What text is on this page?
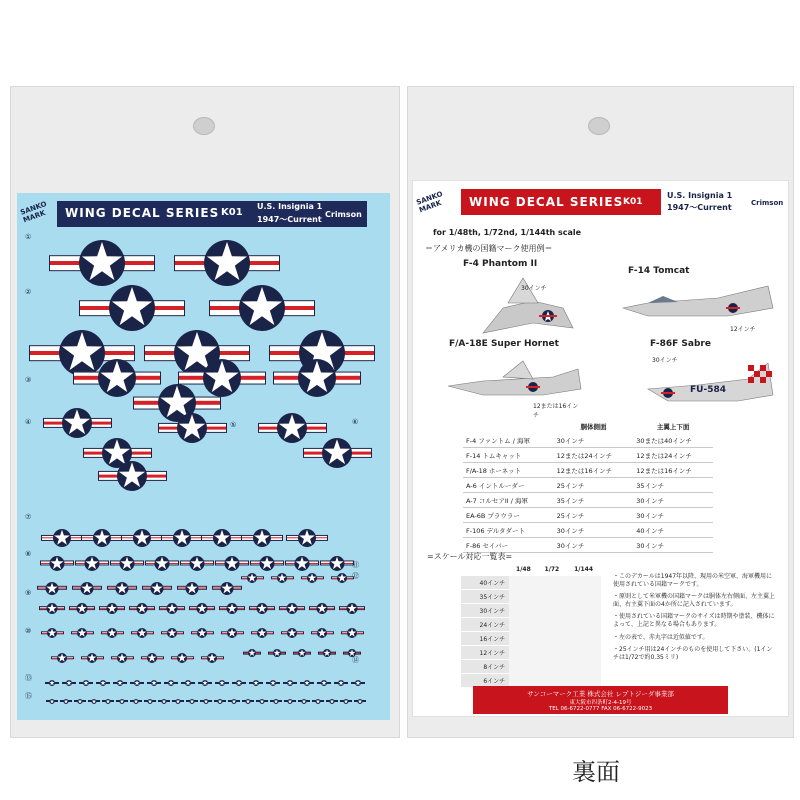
SANKO MARK	WING DECAL SERIES K01
U.S. Insignia 1
1947〜Current
Crimson
①
②
③
④	⑤	⑥
⑦
⑧
⑨
⑩
⑪
⑫
⑬
⑭
⑮
SANKO MARK	WING DECAL SERIES K01
U.S. Insignia 1
1947〜Current	Crimson
for 1/48th, 1/72nd, 1/144th scale
＝アメリカ機の国籍マーク使用例＝
F-4 Phantom II
30インチ
F-14 Tomcat
12インチ
F/A-18E Super Hornet
12または16インチ
F-86F Sabre
30インチ
FU-584
	胴体側面	主翼上下面
F-4 ファントム / 海軍	30インチ	30または40インチ
F-14 トムキャット	12または24インチ	12または24インチ
F/A-18 ホーネット	12または16インチ	12または16インチ
A-6 イントルーダー	25インチ	35インチ
A-7 コルセアII / 海軍	35インチ	30インチ
EA-6B プラウラー	25インチ	30インチ
F-106 デルタダート	30インチ	40インチ
F-86 セイバー	30インチ	30インチ
=スケール対応一覧表=
	1/48	1/72	1/144
40インチ			
35インチ			
30インチ			
24インチ			
16インチ			
12インチ			
8インチ			
6インチ			
・このデカールは1947年以降、現用の米空軍、海軍機用に使用されている国籍マークです。
・原則として米軍機の国籍マークは胴体左右側面、左主翼上面、右主翼下面の4か所に記入されています。
・使用されている国籍マークのサイズは時期や塗装、機体によって、上記と異なる場合もあります。
・左の表で、赤丸字は近似値です。
・25インチ用は24インチのものを使用して下さい。(1インチは1/72で約0.35ミリ)
サンコーマーク工業 株式会社 レプトジーダ事業部
東大阪市四条町2-4-19号
TEL 06-6722-0777 FAX 06-6722-9023
裏面
